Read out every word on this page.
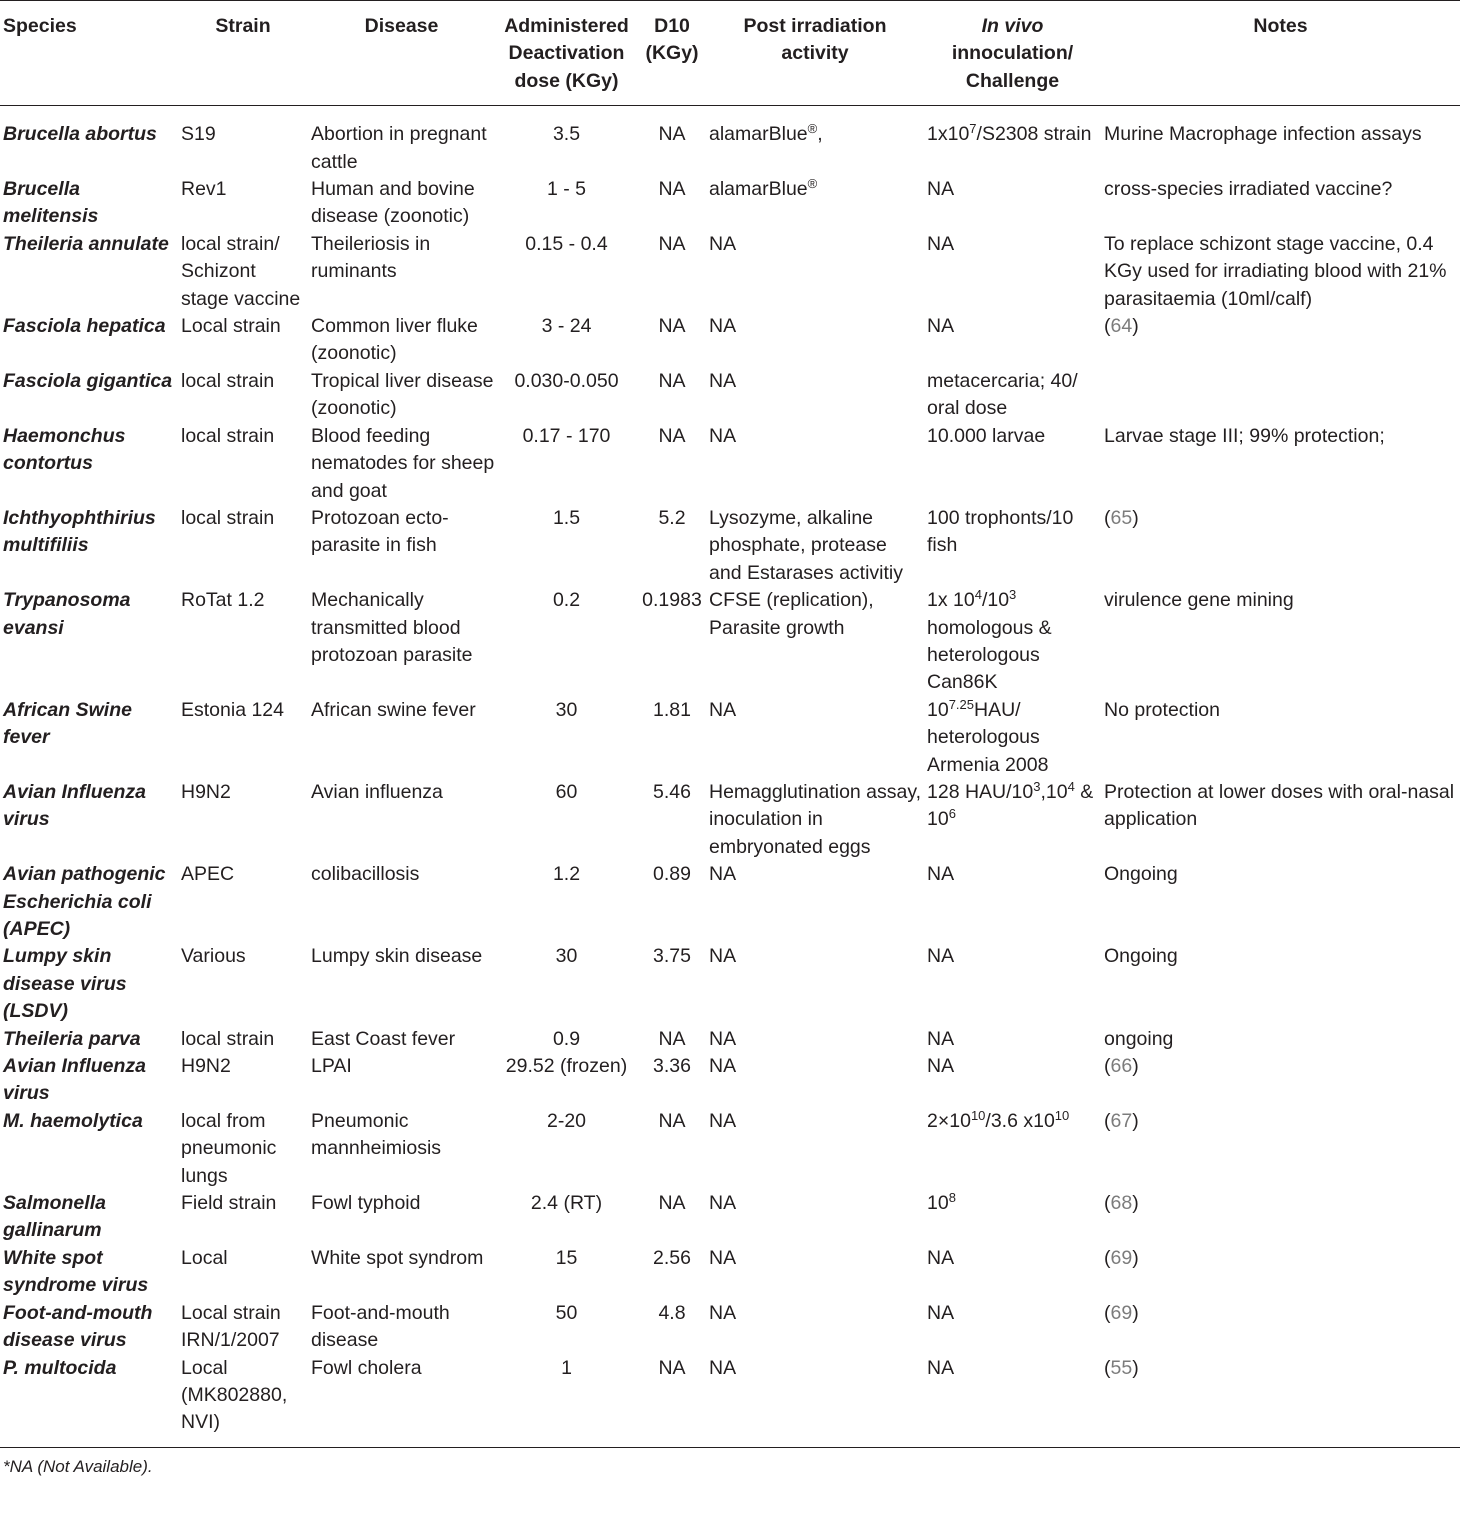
Species	Strain	Disease	Administered Deactivation dose (KGy)	D10 (KGy)	Post irradiation activity	In vivo innoculation/ Challenge	Notes
Brucella abortus	S19	Abortion in pregnant cattle	3.5	NA	alamarBlue®,	$1x10^7/S2308$ strain	Murine Macrophage infection assays
Brucella melitensis	Rev1	Human and bovine disease (zoonotic)	1 - 5	NA	alamarBlue®	NA	cross-species irradiated vaccine?
Theileria annulate	local strain/ Schizont stage vaccine	Theileriosis in ruminants	0.15 - 0.4	NA	NA	NA	To replace schizont stage vaccine, 0.4 KGy used for irradiating blood with 21% parasitaemia (10ml/calf)
Fasciola hepatica	Local strain	Common liver fluke (zoonotic)	3 - 24	NA	NA	NA	(64)
Fasciola gigantica	local strain	Tropical liver disease (zoonotic)	0.030-0.050	NA	NA	metacercaria; 40/ oral dose	
Haemonchus contortus	local strain	Blood feeding nematodes for sheep and goat	0.17 - 170	NA	NA	10.000 larvae	Larvae stage III; 99% protection;
Ichthyophthirius multifiliis	local strain	Protozoan ecto-parasite in fish	1.5	5.2	Lysozyme, alkaline phosphate, protease and Estarases activitiy	100 trophonts/10 fish	(65)
Trypanosoma evansi	RoTat 1.2	Mechanically transmitted blood protozoan parasite	0.2	0.1983	CFSE (replication), Parasite growth	1x $10^4/10^3$ homologous & heterologous Can86K	virulence gene mining
African Swine fever	Estonia 124	African swine fever	30	1.81	NA	$10^{7.25}HAU/$ heterologous Armenia 2008	No protection
Avian Influenza virus	H9N2	Avian influenza	60	5.46	Hemagglutination assay, inoculation in embryonated eggs	128 HAU/$10^3,10^4$ & $10^6$	Protection at lower doses with oral-nasal application
Avian pathogenic Escherichia coli (APEC)	APEC	colibacillosis	1.2	0.89	NA	NA	Ongoing
Lumpy skin disease virus (LSDV)	Various	Lumpy skin disease	30	3.75	NA	NA	Ongoing
Theileria parva	local strain	East Coast fever	0.9	NA	NA	NA	ongoing
Avian Influenza virus	H9N2	LPAI	29.52 (frozen)	3.36	NA	NA	(66)
M. haemolytica	local from pneumonic lungs	Pneumonic mannheimiosis	2-20	NA	NA	$2\times 10^{10}/3.6$ $x10^{10}$	(67)
Salmonella gallinarum	Field strain	Fowl typhoid	2.4 (RT)	NA	NA	$10^8$	(68)
White spot syndrome virus	Local	White spot syndrom	15	2.56	NA	NA	(69)
Foot-and-mouth disease virus	Local strain IRN/1/2007	Foot-and-mouth disease	50	4.8	NA	NA	(69)
P. multocida	Local (MK802880, NVI)	Fowl cholera	1	NA	NA	NA	(55)
*NA (Not Available).							
